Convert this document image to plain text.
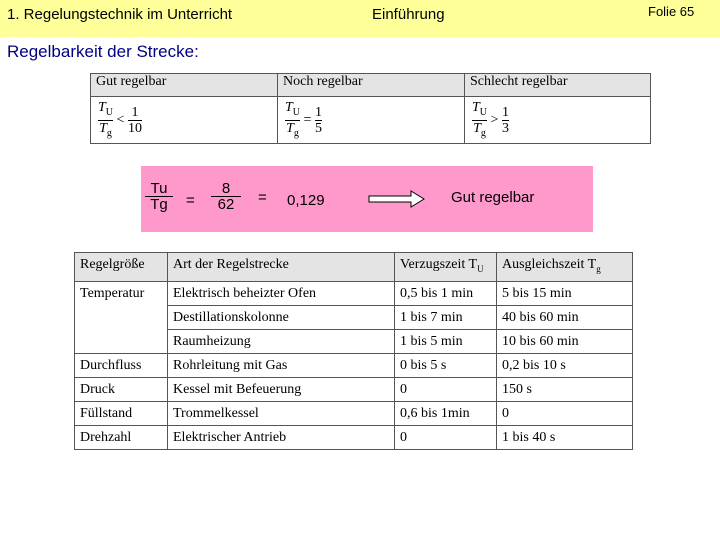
1. Regelungstechnik im Unterricht	Einführung	Folie 65
Regelbarkeit der Strecke:
Gut regelbar	Noch regelbar	Schlecht regelbar

$\frac{T_U}{T_g} < \frac{1}{10}$	$\frac{T_U}{T_g} = \frac{1}{5}$	$\frac{T_U}{T_g} > \frac{1}{3}$
$\frac{Tu}{Tg} = \frac{8}{62} = 0,129$	Gut regelbar
Regelgröße	Art der Regelstrecke	Verzugszeit $T_U$	Ausgleichszeit $T_g$
Temperatur	Elektrisch beheizter Ofen	0,5 bis 1 min	5 bis 15 min
	Destillationskolonne	1 bis 7 min	40 bis 60 min
	Raumheizung	1 bis 5 min	10 bis 60 min
Durchfluss	Rohrleitung mit Gas	0 bis 5 s	0,2 bis 10 s
Druck	Kessel mit Befeuerung	0	150 s
Füllstand	Trommelkessel	0,6 bis 1min	0
Drehzahl	Elektrischer Antrieb	0	1 bis 40 s
